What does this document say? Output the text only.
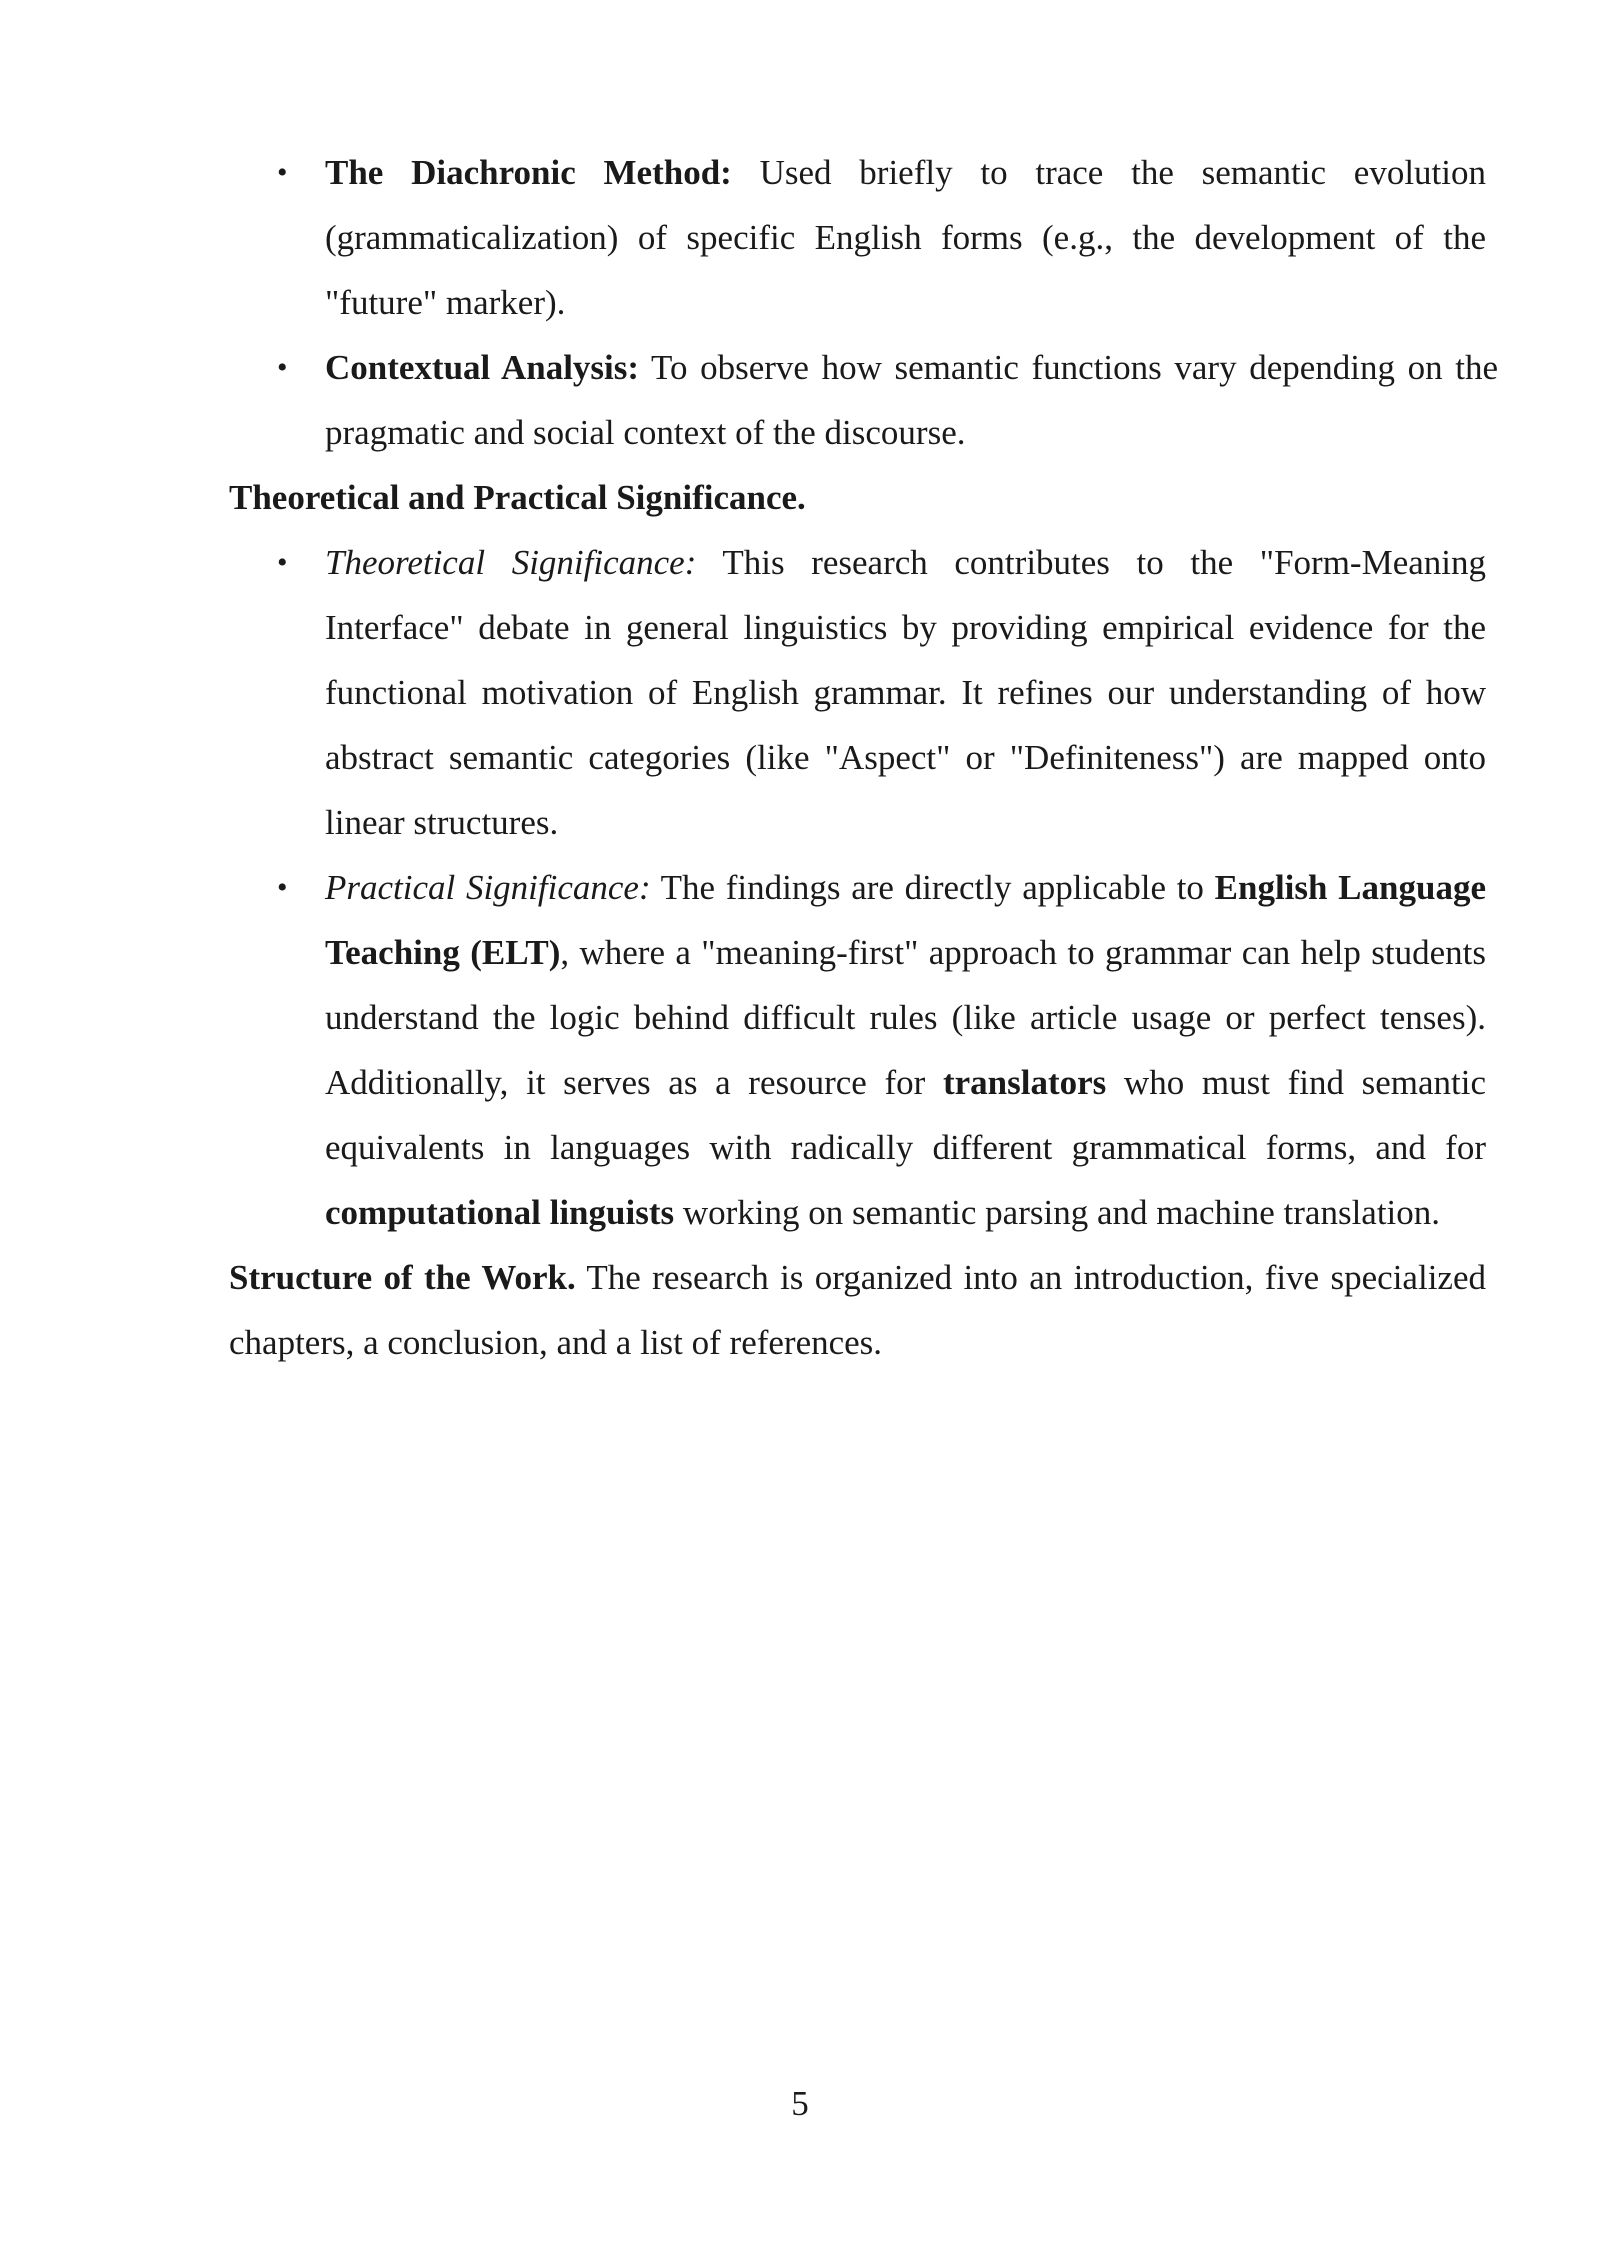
• The Diachronic Method: Used briefly to trace the semantic evolution (grammaticalization) of specific English forms (e.g., the development of the "future" marker).
• Contextual Analysis: To observe how semantic functions vary depending on the pragmatic and social context of the discourse.

Theoretical and Practical Significance.

• Theoretical Significance: This research contributes to the "Form-Meaning Interface" debate in general linguistics by providing empirical evidence for the functional motivation of English grammar. It refines our understanding of how abstract semantic categories (like "Aspect" or "Definiteness") are mapped onto linear structures.
• Practical Significance: The findings are directly applicable to English Language Teaching (ELT), where a "meaning-first" approach to grammar can help students understand the logic behind difficult rules (like article usage or perfect tenses). Additionally, it serves as a resource for translators who must find semantic equivalents in languages with radically different grammatical forms, and for computational linguists working on semantic parsing and machine translation.

Structure of the Work. The research is organized into an introduction, five specialized chapters, a conclusion, and a list of references.

5
